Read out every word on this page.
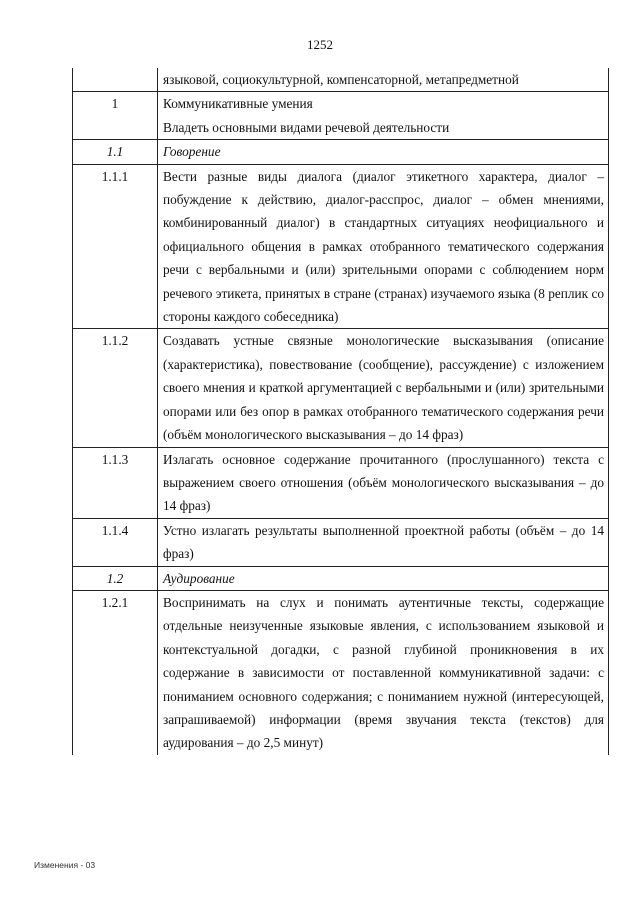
1252

	языковой, социокультурной, компенсаторной, метапредметной

1	Коммуникативные умения

Владеть основными видами речевой деятельности

1.1	Говорение

1.1.1	Вести разные виды диалога (диалог этикетного характера, диалог – побуждение к действию, диалог-расспрос, диалог – обмен мнениями, комбинированный диалог) в стандартных ситуациях неофициального и официального общения в рамках отобранного тематического содержания речи с вербальными и (или) зрительными опорами с соблюдением норм речевого этикета, принятых в стране (странах) изучаемого языка (8 реплик со стороны каждого собеседника)

1.1.2	Создавать устные связные монологические высказывания (описание (характеристика), повествование (сообщение), рассуждение) с изложением своего мнения и краткой аргументацией с вербальными и (или) зрительными опорами или без опор в рамках отобранного тематического содержания речи (объём монологического высказывания – до 14 фраз)

1.1.3	Излагать основное содержание прочитанного (прослушанного) текста с выражением своего отношения (объём монологического высказывания – до 14 фраз)

1.1.4	Устно излагать результаты выполненной проектной работы (объём – до 14 фраз)

1.2	Аудирование

1.2.1	Воспринимать на слух и понимать аутентичные тексты, содержащие отдельные неизученные языковые явления, с использованием языковой и контекстуальной догадки, с разной глубиной проникновения в их содержание в зависимости от поставленной коммуникативной задачи: с пониманием основного содержания; с пониманием нужной (интересующей, запрашиваемой) информации (время звучания текста (текстов) для аудирования – до 2,5 минут)

Изменения - 03
